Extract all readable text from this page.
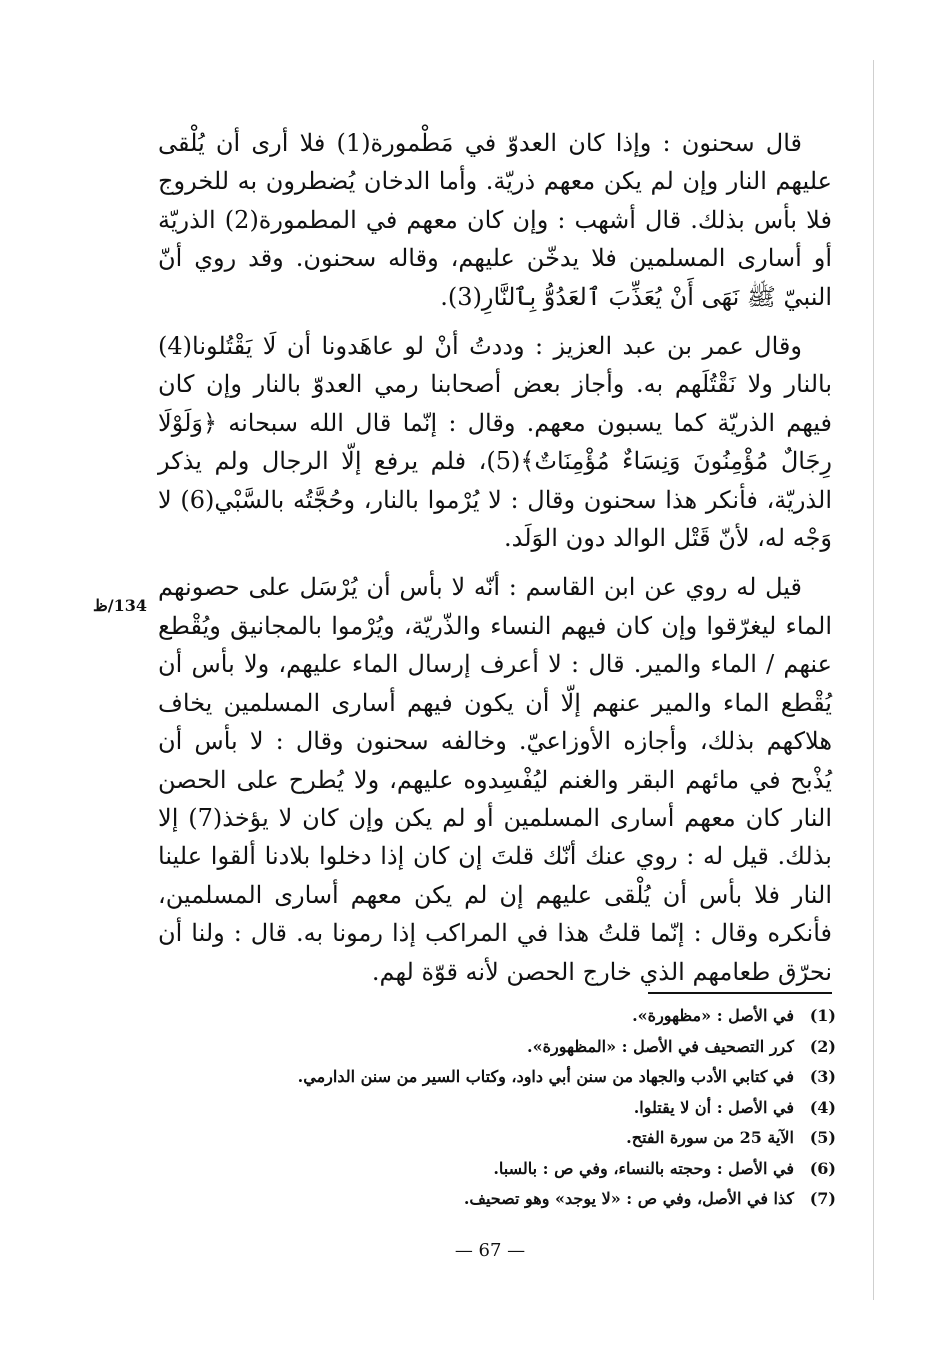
قال سحنون : وإذا كان العدوّ في مَطْمورة(1) فلا أرى أن يُلْقى عليهم النار وإن لم يكن معهم ذريّة. وأما الدخان يُضطرون به للخروج فلا بأس بذلك. قال أشهب : وإن كان معهم في المطمورة(2) الذريّة أو أسارى المسلمين فلا يدخّن عليهم، وقاله سحنون. وقد روي أنّ النبيّ ﷺ نَهَى أَنْ يُعَذِّبَ ٱلعَدُوُّ بِٱلنَّارِ(3).

وقال عمر بن عبد العزيز : وددتُ أنْ لو عاهَدونا أن لَا يَقْتُلونا(4) بالنار ولا نَقْتُلَهم به. وأجاز بعض أصحابنا رمي العدوّ بالنار وإن كان فيهم الذريّة كما يسبون معهم. وقال : إنّما قال الله سبحانه ﴿وَلَوْلَا رِجَالٌ مُؤْمِنُونَ وَنِسَاءٌ مُؤْمِنَاتٌ﴾(5)، فلم يرفع إلّا الرجال ولم يذكر الذريّة، فأنكر هذا سحنون وقال : لا يُرْموا بالنار، وحُجَّتُه بالسَّبْي(6) لا وَجْه له، لأنّ قَتْل الوالد دون الوَلَد.

قيل له روي عن ابن القاسم : أنّه لا بأس أن يُرْسَل على حصونهم الماء ليغرّقوا وإن كان فيهم النساء والذّريّة، ويُرْموا بالمجانيق ويُقْطع عنهم / الماء والمير. قال : لا أعرف إرسال الماء عليهم، ولا بأس أن يُقْطع الماء والمير عنهم إلّا أن يكون فيهم أسارى المسلمين يخاف هلاكهم بذلك، وأجازه الأوزاعيّ. وخالفه سحنون وقال : لا بأس أن يُذْبح في مائهم البقر والغنم ليُفْسِدوه عليهم، ولا يُطرح على الحصن النار كان معهم أسارى المسلمين أو لم يكن وإن كان لا يؤخذ(7) إلا بذلك. قيل له : روي عنك أنّك قلتَ إن كان إذا دخلوا بلادنا ألقوا علينا النار فلا بأس أن يُلْقى عليهم إن لم يكن معهم أسارى المسلمين، فأنكره وقال : إنّما قلتُ هذا في المراكب إذا رمونا به. قال : ولنا أن نحرّق طعامهم الذي خارج الحصن لأنه قوّة لهم.

134/ظ
(1)
في الأصل : «مظهورة».
(2)
كرر التصحيف في الأصل : «المظهورة».
(3)
في كتابي الأدب والجهاد من سنن أبي داود، وكتاب السير من سنن الدارمي.
(4)
في الأصل : أن لا يقتلوا.
(5)
الآية 25 من سورة الفتح.
(6)
في الأصل : وحجته بالنساء، وفي ص : بالسبا.
(7)
كذا في الأصل، وفي ص : «لا يوجد» وهو تصحيف.
— 67 —
